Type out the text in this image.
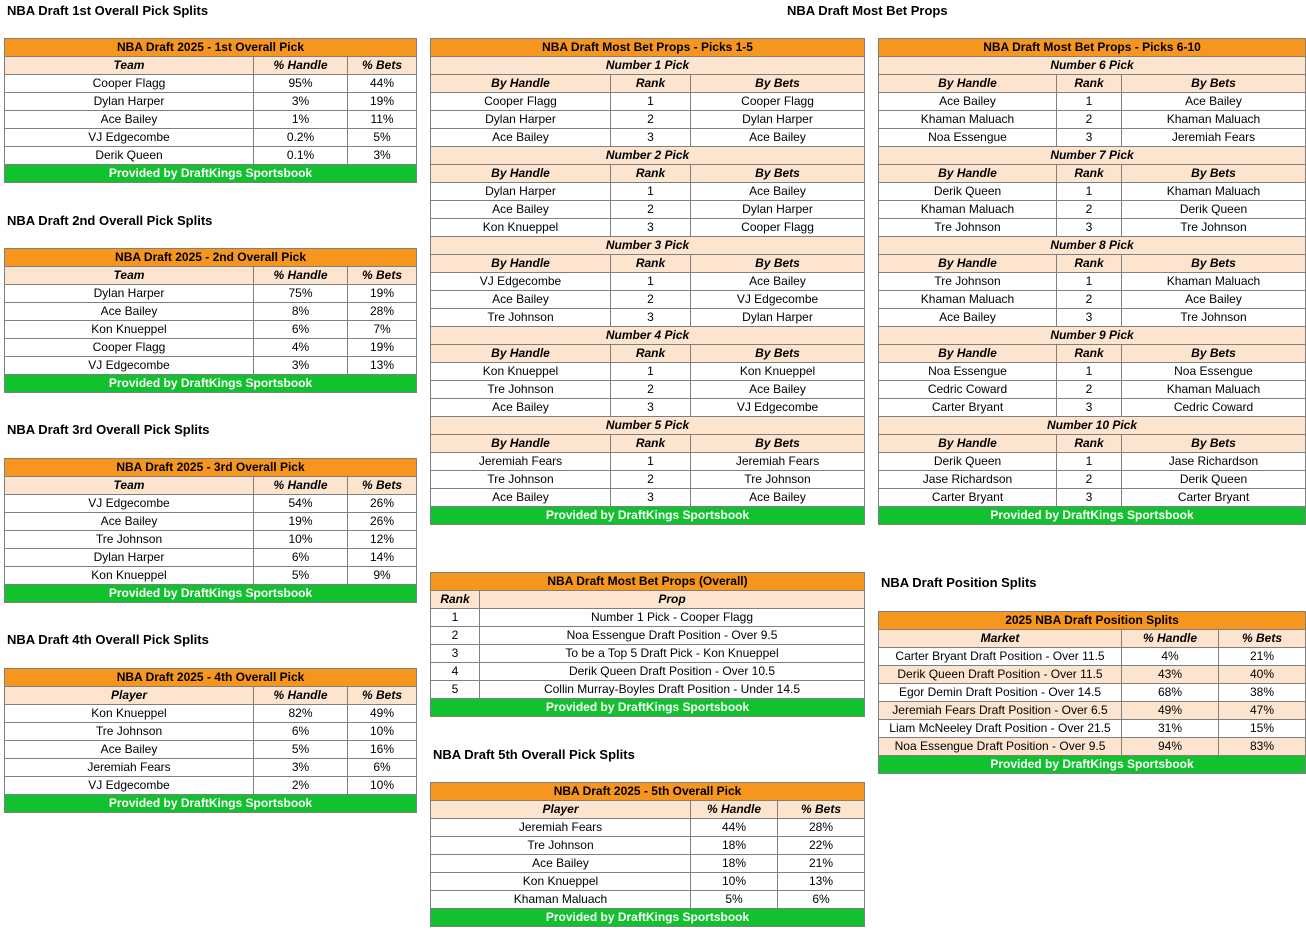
NBA Draft 1st Overall Pick Splits
NBA Draft 2nd Overall Pick Splits
NBA Draft 3rd Overall Pick Splits
NBA Draft 4th Overall Pick Splits
NBA Draft 5th Overall Pick Splits
NBA Draft Most Bet Props
NBA Draft Position Splits
NBA Draft 2025 - 1st Overall Pick		
Team	% Handle	% Bets
Cooper Flagg	95%	44%
Dylan Harper	3%	19%
Ace Bailey	1%	11%
VJ Edgecombe	0.2%	5%
Derik Queen	0.1%	3%
Provided by DraftKings Sportsbook		
NBA Draft 2025 - 2nd Overall Pick		
Team	% Handle	% Bets
Dylan Harper	75%	19%
Ace Bailey	8%	28%
Kon Knueppel	6%	7%
Cooper Flagg	4%	19%
VJ Edgecombe	3%	13%
Provided by DraftKings Sportsbook		
NBA Draft 2025 - 3rd Overall Pick		
Team	% Handle	% Bets
VJ Edgecombe	54%	26%
Ace Bailey	19%	26%
Tre Johnson	10%	12%
Dylan Harper	6%	14%
Kon Knueppel	5%	9%
Provided by DraftKings Sportsbook		
NBA Draft 2025 - 4th Overall Pick		
Player	% Handle	% Bets
Kon Knueppel	82%	49%
Tre Johnson	6%	10%
Ace Bailey	5%	16%
Jeremiah Fears	3%	6%
VJ Edgecombe	2%	10%
Provided by DraftKings Sportsbook		
NBA Draft 2025 - 5th Overall Pick		
Player	% Handle	% Bets
Jeremiah Fears	44%	28%
Tre Johnson	18%	22%
Ace Bailey	18%	21%
Kon Knueppel	10%	13%
Khaman Maluach	5%	6%
Provided by DraftKings Sportsbook		
NBA Draft Most Bet Props - Picks 1-5		
Number 1 Pick		
By Handle	Rank	By Bets
Cooper Flagg	1	Cooper Flagg
Dylan Harper	2	Dylan Harper
Ace Bailey	3	Ace Bailey
Number 2 Pick		
By Handle	Rank	By Bets
Dylan Harper	1	Ace Bailey
Ace Bailey	2	Dylan Harper
Kon Knueppel	3	Cooper Flagg
Number 3 Pick		
By Handle	Rank	By Bets
VJ Edgecombe	1	Ace Bailey
Ace Bailey	2	VJ Edgecombe
Tre Johnson	3	Dylan Harper
Number 4 Pick		
By Handle	Rank	By Bets
Kon Knueppel	1	Kon Knueppel
Tre Johnson	2	Ace Bailey
Ace Bailey	3	VJ Edgecombe
Number 5 Pick		
By Handle	Rank	By Bets
Jeremiah Fears	1	Jeremiah Fears
Tre Johnson	2	Tre Johnson
Ace Bailey	3	Ace Bailey
Provided by DraftKings Sportsbook		
NBA Draft Most Bet Props - Picks 6-10		
Number 6 Pick		
By Handle	Rank	By Bets
Ace Bailey	1	Ace Bailey
Khaman Maluach	2	Khaman Maluach
Noa Essengue	3	Jeremiah Fears
Number 7 Pick		
By Handle	Rank	By Bets
Derik Queen	1	Khaman Maluach
Khaman Maluach	2	Derik Queen
Tre Johnson	3	Tre Johnson
Number 8 Pick		
By Handle	Rank	By Bets
Tre Johnson	1	Khaman Maluach
Khaman Maluach	2	Ace Bailey
Ace Bailey	3	Tre Johnson
Number 9 Pick		
By Handle	Rank	By Bets
Noa Essengue	1	Noa Essengue
Cedric Coward	2	Khaman Maluach
Carter Bryant	3	Cedric Coward
Number 10 Pick		
By Handle	Rank	By Bets
Derik Queen	1	Jase Richardson
Jase Richardson	2	Derik Queen
Carter Bryant	3	Carter Bryant
Provided by DraftKings Sportsbook		
NBA Draft Most Bet Props (Overall)	
Rank	Prop
1	Number 1 Pick - Cooper Flagg
2	Noa Essengue Draft Position - Over 9.5
3	To be a Top 5 Draft Pick - Kon Knueppel
4	Derik Queen Draft Position - Over 10.5
5	Collin Murray-Boyles Draft Position - Under 14.5
Provided by DraftKings Sportsbook	
2025 NBA Draft Position Splits		
Market	% Handle	% Bets
Carter Bryant Draft Position - Over 11.5	4%	21%
Derik Queen Draft Position - Over 11.5	43%	40%
Egor Demin Draft Position - Over 14.5	68%	38%
Jeremiah Fears Draft Position - Over 6.5	49%	47%
Liam McNeeley Draft Position - Over 21.5	31%	15%
Noa Essengue Draft Position - Over 9.5	94%	83%
Provided by DraftKings Sportsbook		
